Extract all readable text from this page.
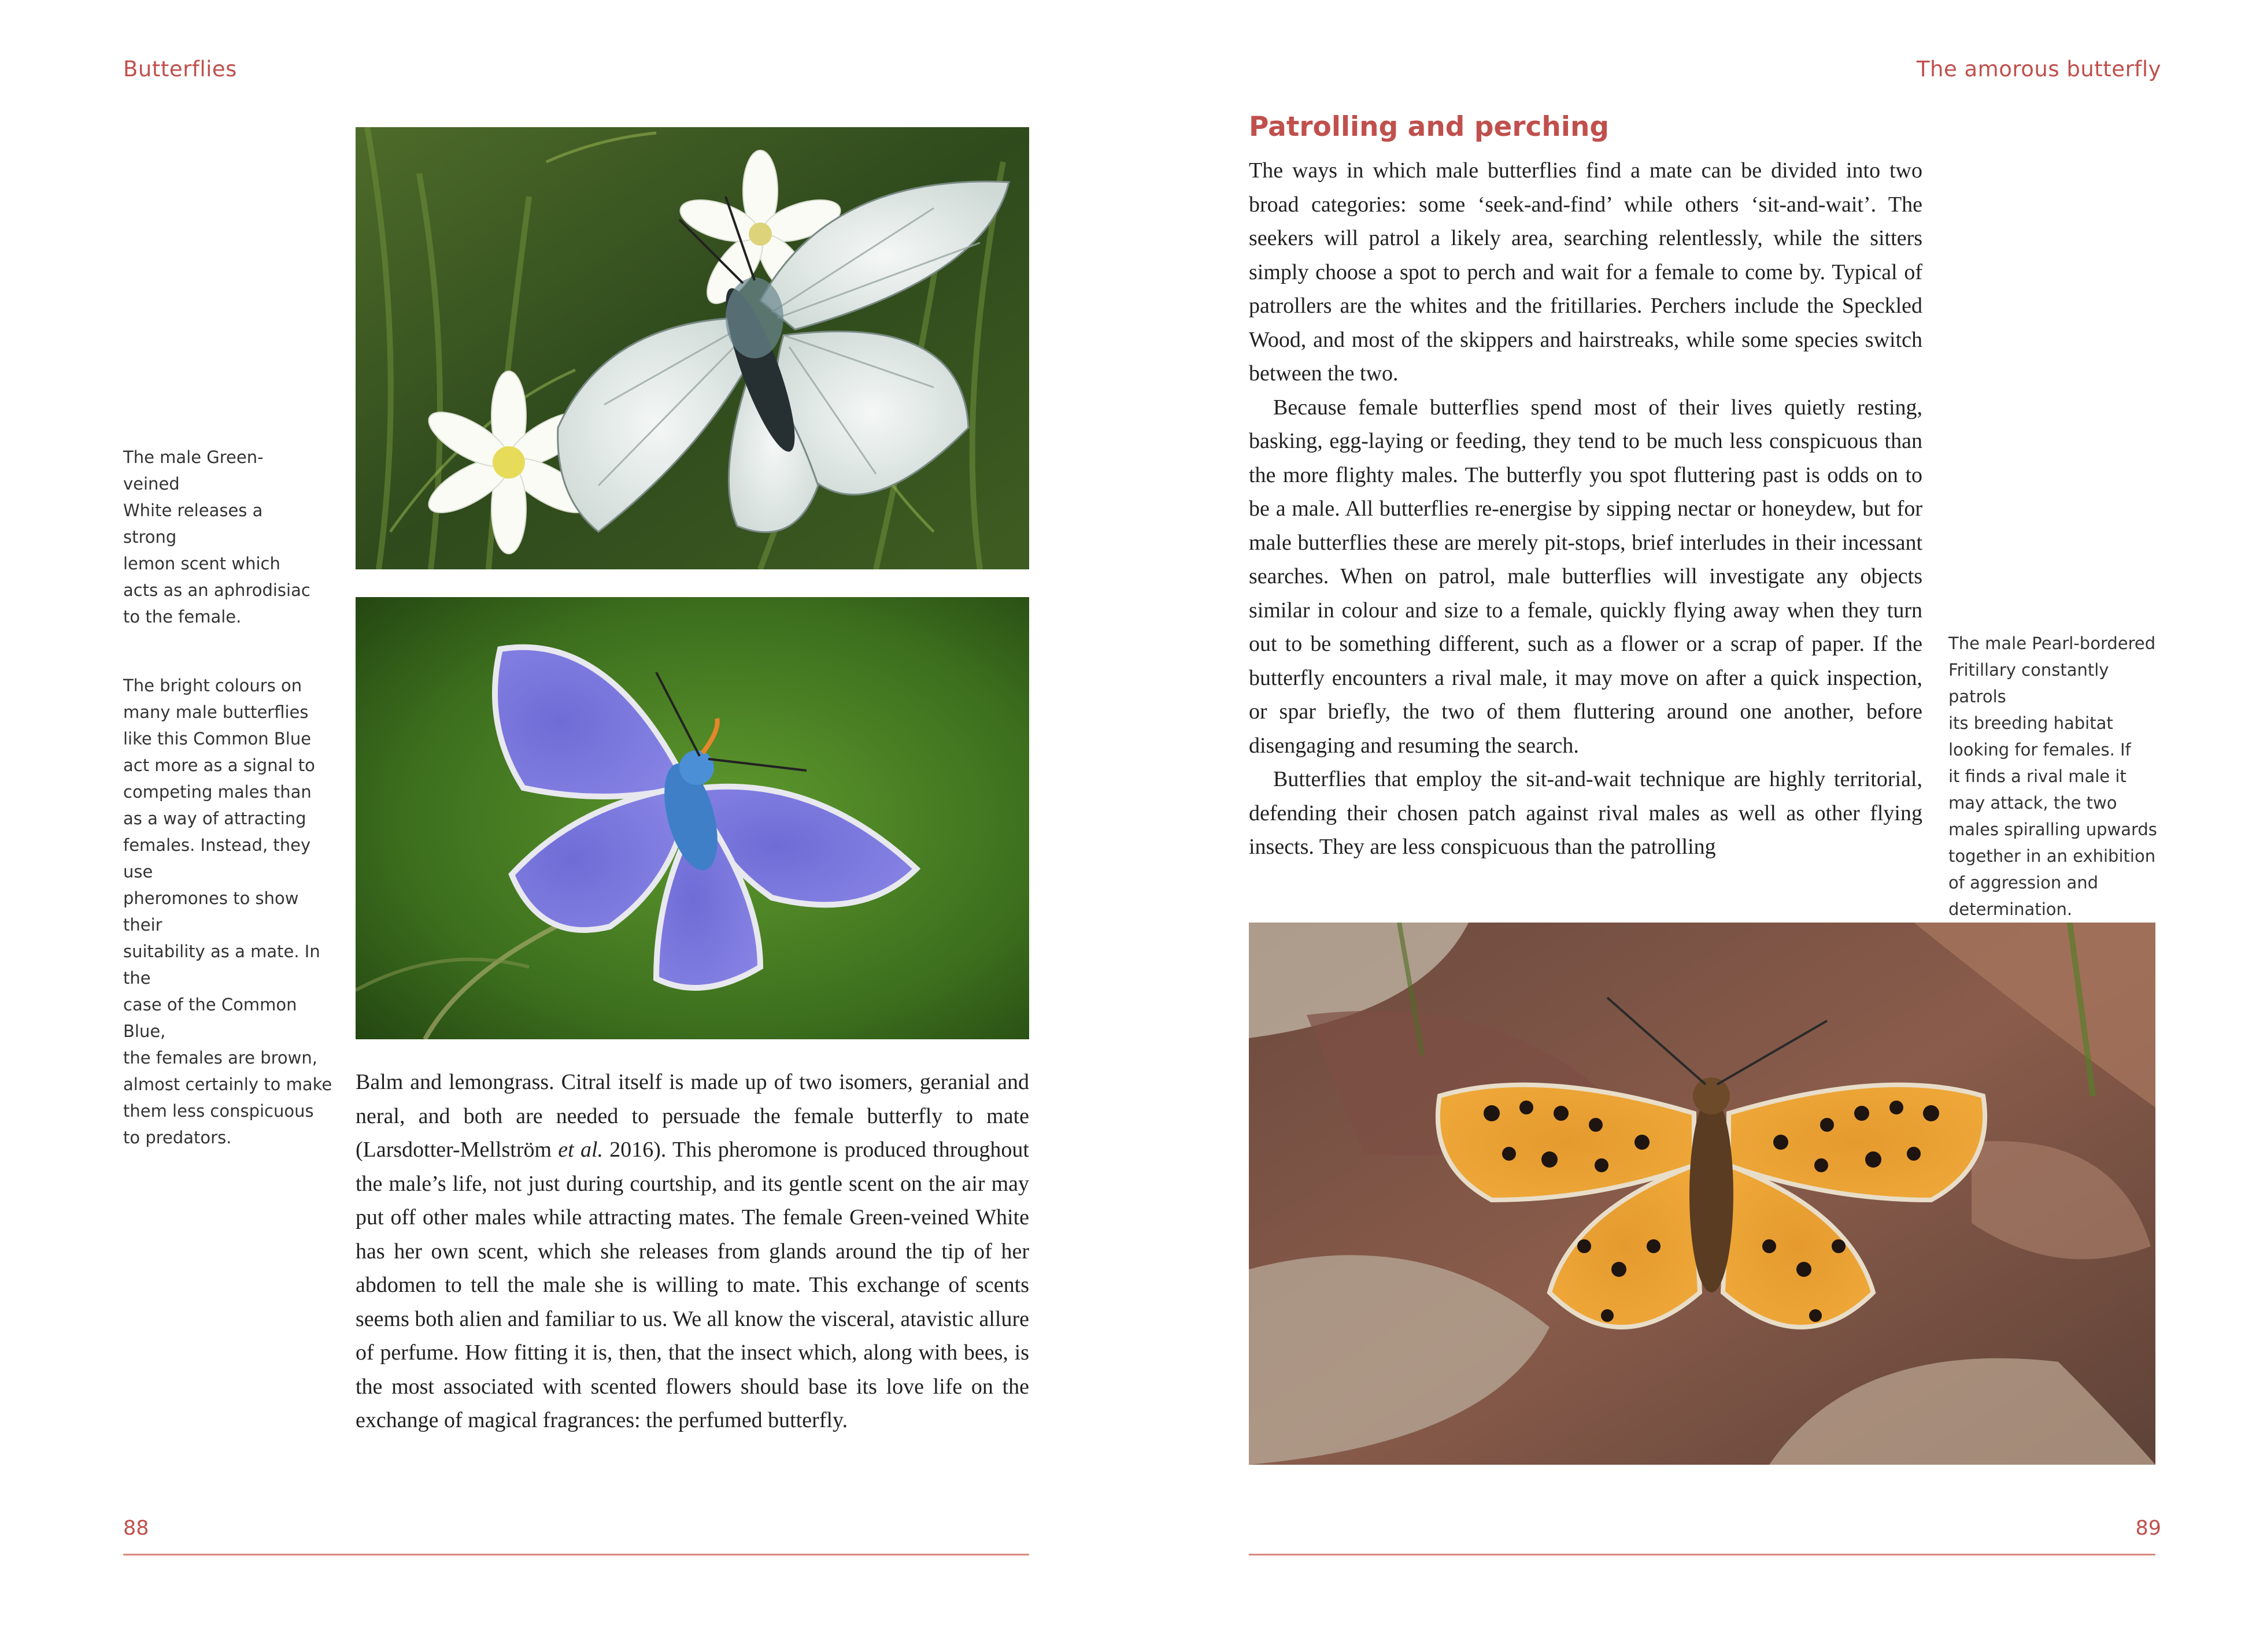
Butterflies
The male Green-veined
White releases a strong
lemon scent which
acts as an aphrodisiac
to the female.
The bright colours on
many male butterflies
like this Common Blue
act more as a signal to
competing males than
as a way of attracting
females. Instead, they use
pheromones to show their
suitability as a mate. In the
case of the Common Blue,
the females are brown,
almost certainly to make
them less conspicuous
to predators.

Balm and lemongrass. Citral itself is made up of two isomers, geranial and neral, and both are needed to persuade the female butterfly to mate (Larsdotter-Mellström et al. 2016). This pheromone is produced throughout the male’s life, not just during courtship, and its gentle scent on the air may put off other males while attracting mates. The female Green-veined White has her own scent, which she releases from glands around the tip of her abdomen to tell the male she is willing to mate. This exchange of scents seems both alien and familiar to us. We all know the visceral, atavistic allure of perfume. How fitting it is, then, that the insect which, along with bees, is the most associated with scented flowers should base its love life on the exchange of magical fragrances: the perfumed butterfly.

88
The amorous butterfly
Patrolling and perching

The ways in which male butterflies find a mate can be divided into two broad categories: some ‘seek-and-find’ while others ‘sit-and-wait’. The seekers will patrol a likely area, searching relentlessly, while the sitters simply choose a spot to perch and wait for a female to come by. Typical of patrollers are the whites and the fritillaries. Perchers include the Speckled Wood, and most of the skippers and hairstreaks, while some species switch between the two.

Because female butterflies spend most of their lives quietly resting, basking, egg-laying or feeding, they tend to be much less conspicuous than the more flighty males. The butterfly you spot fluttering past is odds on to be a male. All butterflies re-energise by sipping nectar or honeydew, but for male butterflies these are merely pit-stops, brief interludes in their incessant searches. When on patrol, male butterflies will investigate any objects similar in colour and size to a female, quickly flying away when they turn out to be something different, such as a flower or a scrap of paper. If the butterfly encounters a rival male, it may move on after a quick inspection, or spar briefly, the two of them fluttering around one another, before disengaging and resuming the search.

Butterflies that employ the sit-and-wait technique are highly territorial, defending their chosen patch against rival males as well as other flying insects. They are less conspicuous than the patrolling

The male Pearl-bordered
Fritillary constantly patrols
its breeding habitat
looking for females. If
it finds a rival male it
may attack, the two
males spiralling upwards
together in an exhibition
of aggression and
determination.
89
